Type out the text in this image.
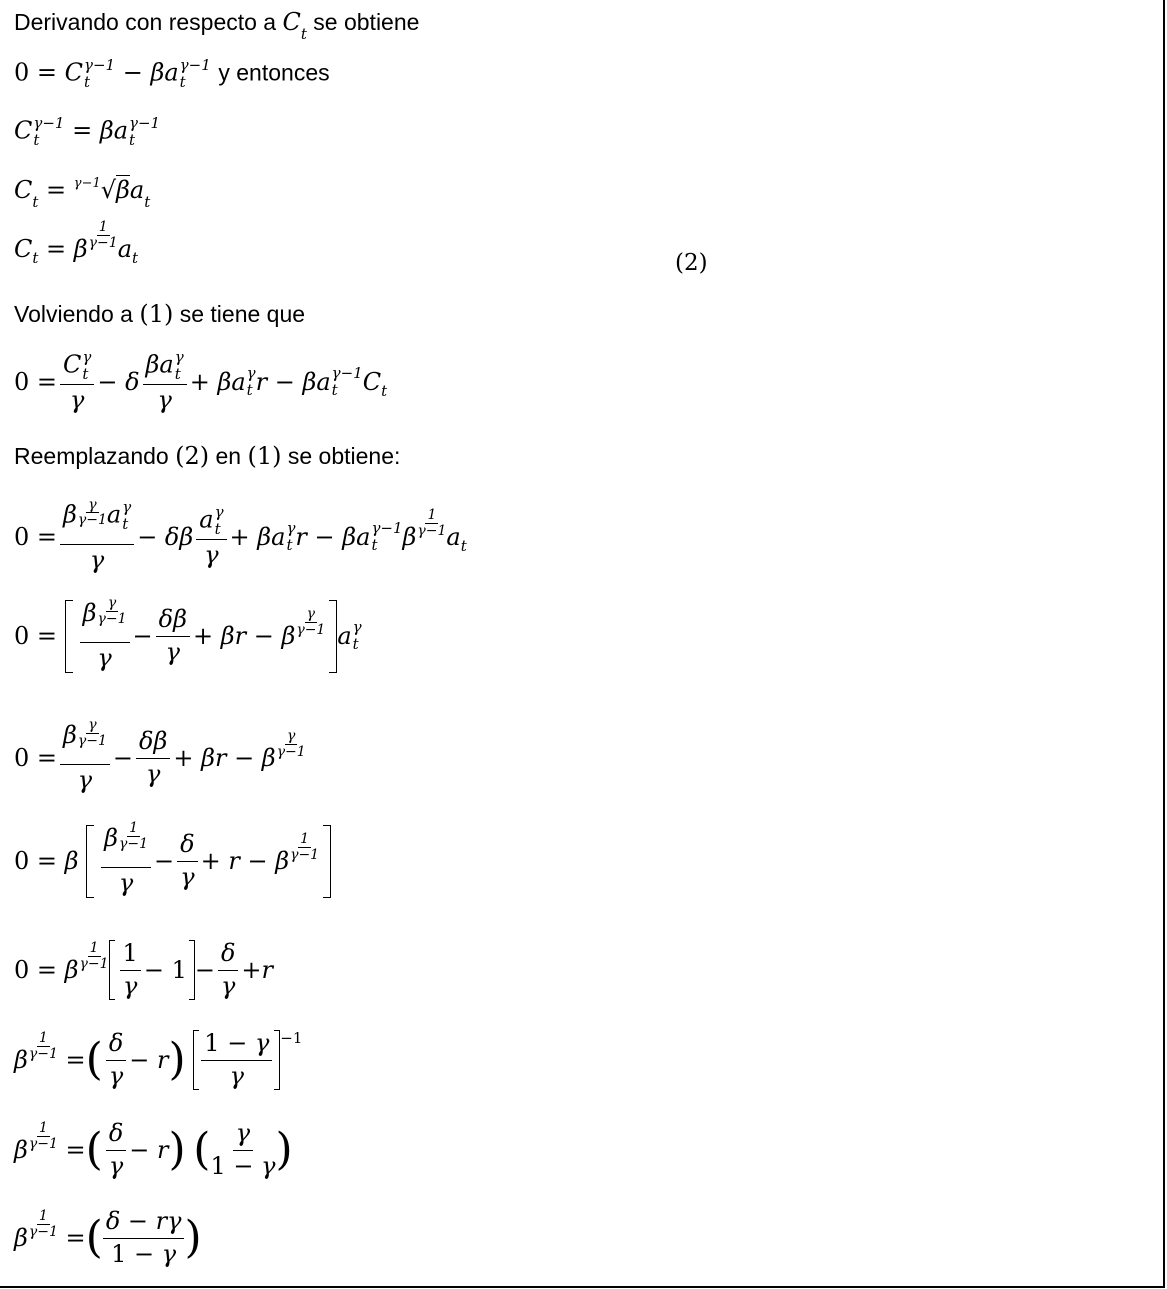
Derivando con respecto a $C_t$ se obtiene
0 = C γ−1
t	− βa γ−1
t	y entonces
C γ−1
t	= βa γ−1
t
$C_t = ^{\gamma-1}√\beta a_t$
C t
= β $\frac{1}{\gamma-1}$ a t	(2)
Volviendo a (1) se tiene que
0 = C γ
t
γ − δ βa γ
t
γ + βa γ
t r − βa γ−1
t	C t
Reemplazando (2) en (1) se obtiene:
0 = β $\frac{\gamma}{\gamma-1}$ a γ
t
γ − δβ a γ
t
γ + βa γ
t r − βa γ−1
t	β
1
γ−1 a t
0 =
$\frac{\beta \frac{\gamma}{\gamma-1}}{\gamma} - \frac{\delta\beta}{\gamma} + \beta r - \beta \frac{\gamma}{\gamma-1}$ a γ
t
$0 = \frac{\beta \frac{\gamma}{\gamma-1}}{\gamma} - \frac{\delta\beta}{\gamma} + \beta r - \beta \frac{\gamma}{\gamma-1}$
0 = β $\frac{\beta \frac{1}{\gamma-1}}{\gamma} - \frac{\delta}{\gamma} + r - \beta \frac{1}{\gamma-1}$
0 = β $\frac{1}{\gamma-1} \frac{1}{\gamma} - 1 - \frac{\delta}{\gamma} + r$
β $\frac{1}{\gamma-1}$
= ( $\frac{\delta}{\gamma} - r$ )
$\frac{1 - \gamma}{\gamma} -1$
β $\frac{1}{\gamma-1}$
= ( $\frac{\delta}{\gamma} - r$ )
( $\frac{\gamma}{1 - \gamma}$ )
β $\frac{1}{\gamma-1}$
= ( $\frac{\delta - r\gamma}{1 - \gamma}$ )
